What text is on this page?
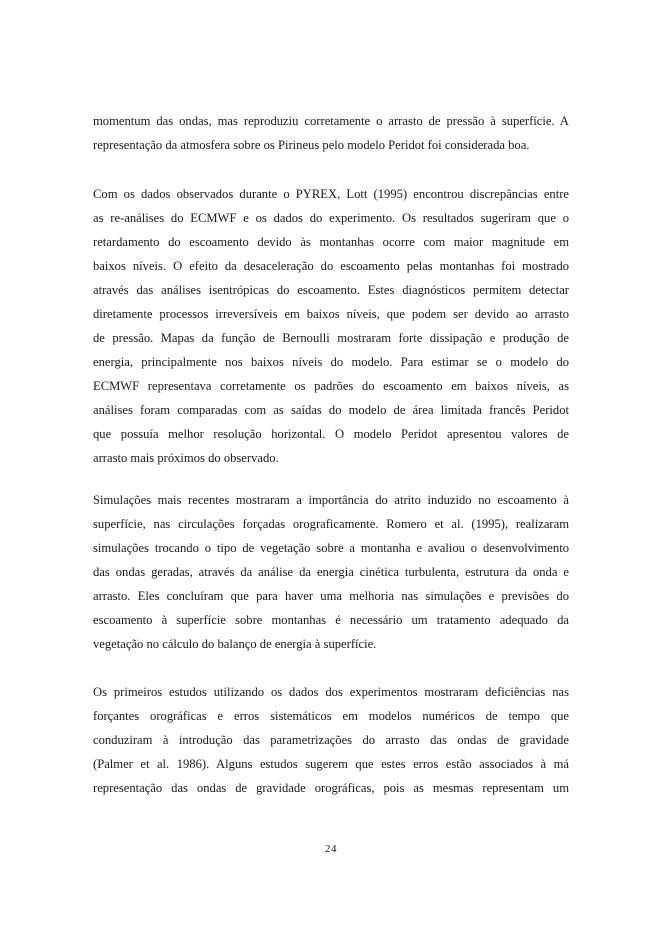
momentum das ondas, mas reproduziu corretamente o arrasto de pressão à superfície. A
representação da atmosfera sobre os Pirineus pelo modelo Peridot foi considerada boa.
Com os dados observados durante o PYREX, Lott (1995) encontrou discrepâncias entre
as re-análises do ECMWF e os dados do experimento. Os resultados sugeriram que o
retardamento do escoamento devido às montanhas ocorre com maior magnitude em
baixos níveis. O efeito da desaceleração do escoamento pelas montanhas foi mostrado
através das análises isentrópicas do escoamento. Estes diagnósticos permitem detectar
diretamente processos irreversíveis em baixos níveis, que podem ser devido ao arrasto
de pressão. Mapas da função de Bernoulli mostraram forte dissipação e produção de
energia, principalmente nos baixos níveis do modelo. Para estimar se o modelo do
ECMWF representava corretamente os padrões do escoamento em baixos níveis, as
análises foram comparadas com as saídas do modelo de área limitada francês Peridot
que possuía melhor resolução horizontal. O modelo Peridot apresentou valores de
arrasto mais próximos do observado.
Simulações mais recentes mostraram a importância do atrito induzido no escoamento à
superfície, nas circulações forçadas orograficamente. Romero et al. (1995), realizaram
simulações trocando o tipo de vegetação sobre a montanha e avaliou o desenvolvimento
das ondas geradas, através da análise da energia cinética turbulenta, estrutura da onda e
arrasto. Eles concluíram que para haver uma melhoria nas simulações e previsões do
escoamento à superfície sobre montanhas é necessário um tratamento adequado da
vegetação no cálculo do balanço de energia à superfície.
Os primeiros estudos utilizando os dados dos experimentos mostraram deficiências nas
forçantes orográficas e erros sistemáticos em modelos numéricos de tempo que
conduziram à introdução das parametrizações do arrasto das ondas de gravidade
(Palmer et al. 1986). Alguns estudos sugerem que estes erros estão associados à má
representação das ondas de gravidade orográficas, pois as mesmas representam um
24
